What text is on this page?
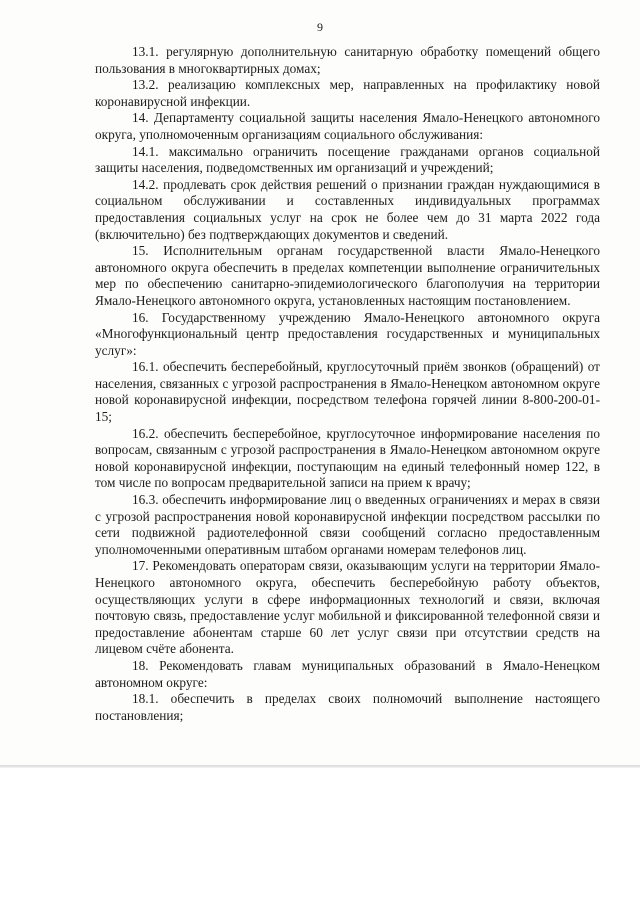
9

13.1. регулярную дополнительную санитарную обработку помещений общего пользования в многоквартирных домах;

13.2. реализацию комплексных мер, направленных на профилактику новой коронавирусной инфекции.

14. Департаменту социальной защиты населения Ямало-Ненецкого автономного округа, уполномоченным организациям социального обслуживания:

14.1. максимально ограничить посещение гражданами органов социальной защиты населения, подведомственных им организаций и учреждений;

14.2. продлевать срок действия решений о признании граждан нуждающимися в социальном обслуживании и составленных индивидуальных программах предоставления социальных услуг на срок не более чем до 31 марта 2022 года (включительно) без подтверждающих документов и сведений.

15. Исполнительным органам государственной власти Ямало-Ненецкого автономного округа обеспечить в пределах компетенции выполнение ограничительных мер по обеспечению санитарно-эпидемиологического благополучия на территории Ямало-Ненецкого автономного округа, установленных настоящим постановлением.

16. Государственному учреждению Ямало-Ненецкого автономного округа «Многофункциональный центр предоставления государственных и муниципальных услуг»:

16.1. обеспечить бесперебойный, круглосуточный приём звонков (обращений) от населения, связанных с угрозой распространения в Ямало-Ненецком автономном округе новой коронавирусной инфекции, посредством телефона горячей линии 8-800-200-01-15;

16.2. обеспечить бесперебойное, круглосуточное информирование населения по вопросам, связанным с угрозой распространения в Ямало-Ненецком автономном округе новой коронавирусной инфекции, поступающим на единый телефонный номер 122, в том числе по вопросам предварительной записи на прием к врачу;

16.3. обеспечить информирование лиц о введенных ограничениях и мерах в связи с угрозой распространения новой коронавирусной инфекции посредством рассылки по сети подвижной радиотелефонной связи сообщений согласно предоставленным уполномоченными оперативным штабом органами номерам телефонов лиц.

17. Рекомендовать операторам связи, оказывающим услуги на территории Ямало-Ненецкого автономного округа, обеспечить бесперебойную работу объектов, осуществляющих услуги в сфере информационных технологий и связи, включая почтовую связь, предоставление услуг мобильной и фиксированной телефонной связи и предоставление абонентам старше 60 лет услуг связи при отсутствии средств на лицевом счёте абонента.

18. Рекомендовать главам муниципальных образований в Ямало-Ненецком автономном округе:

18.1. обеспечить в пределах своих полномочий выполнение настоящего постановления;
